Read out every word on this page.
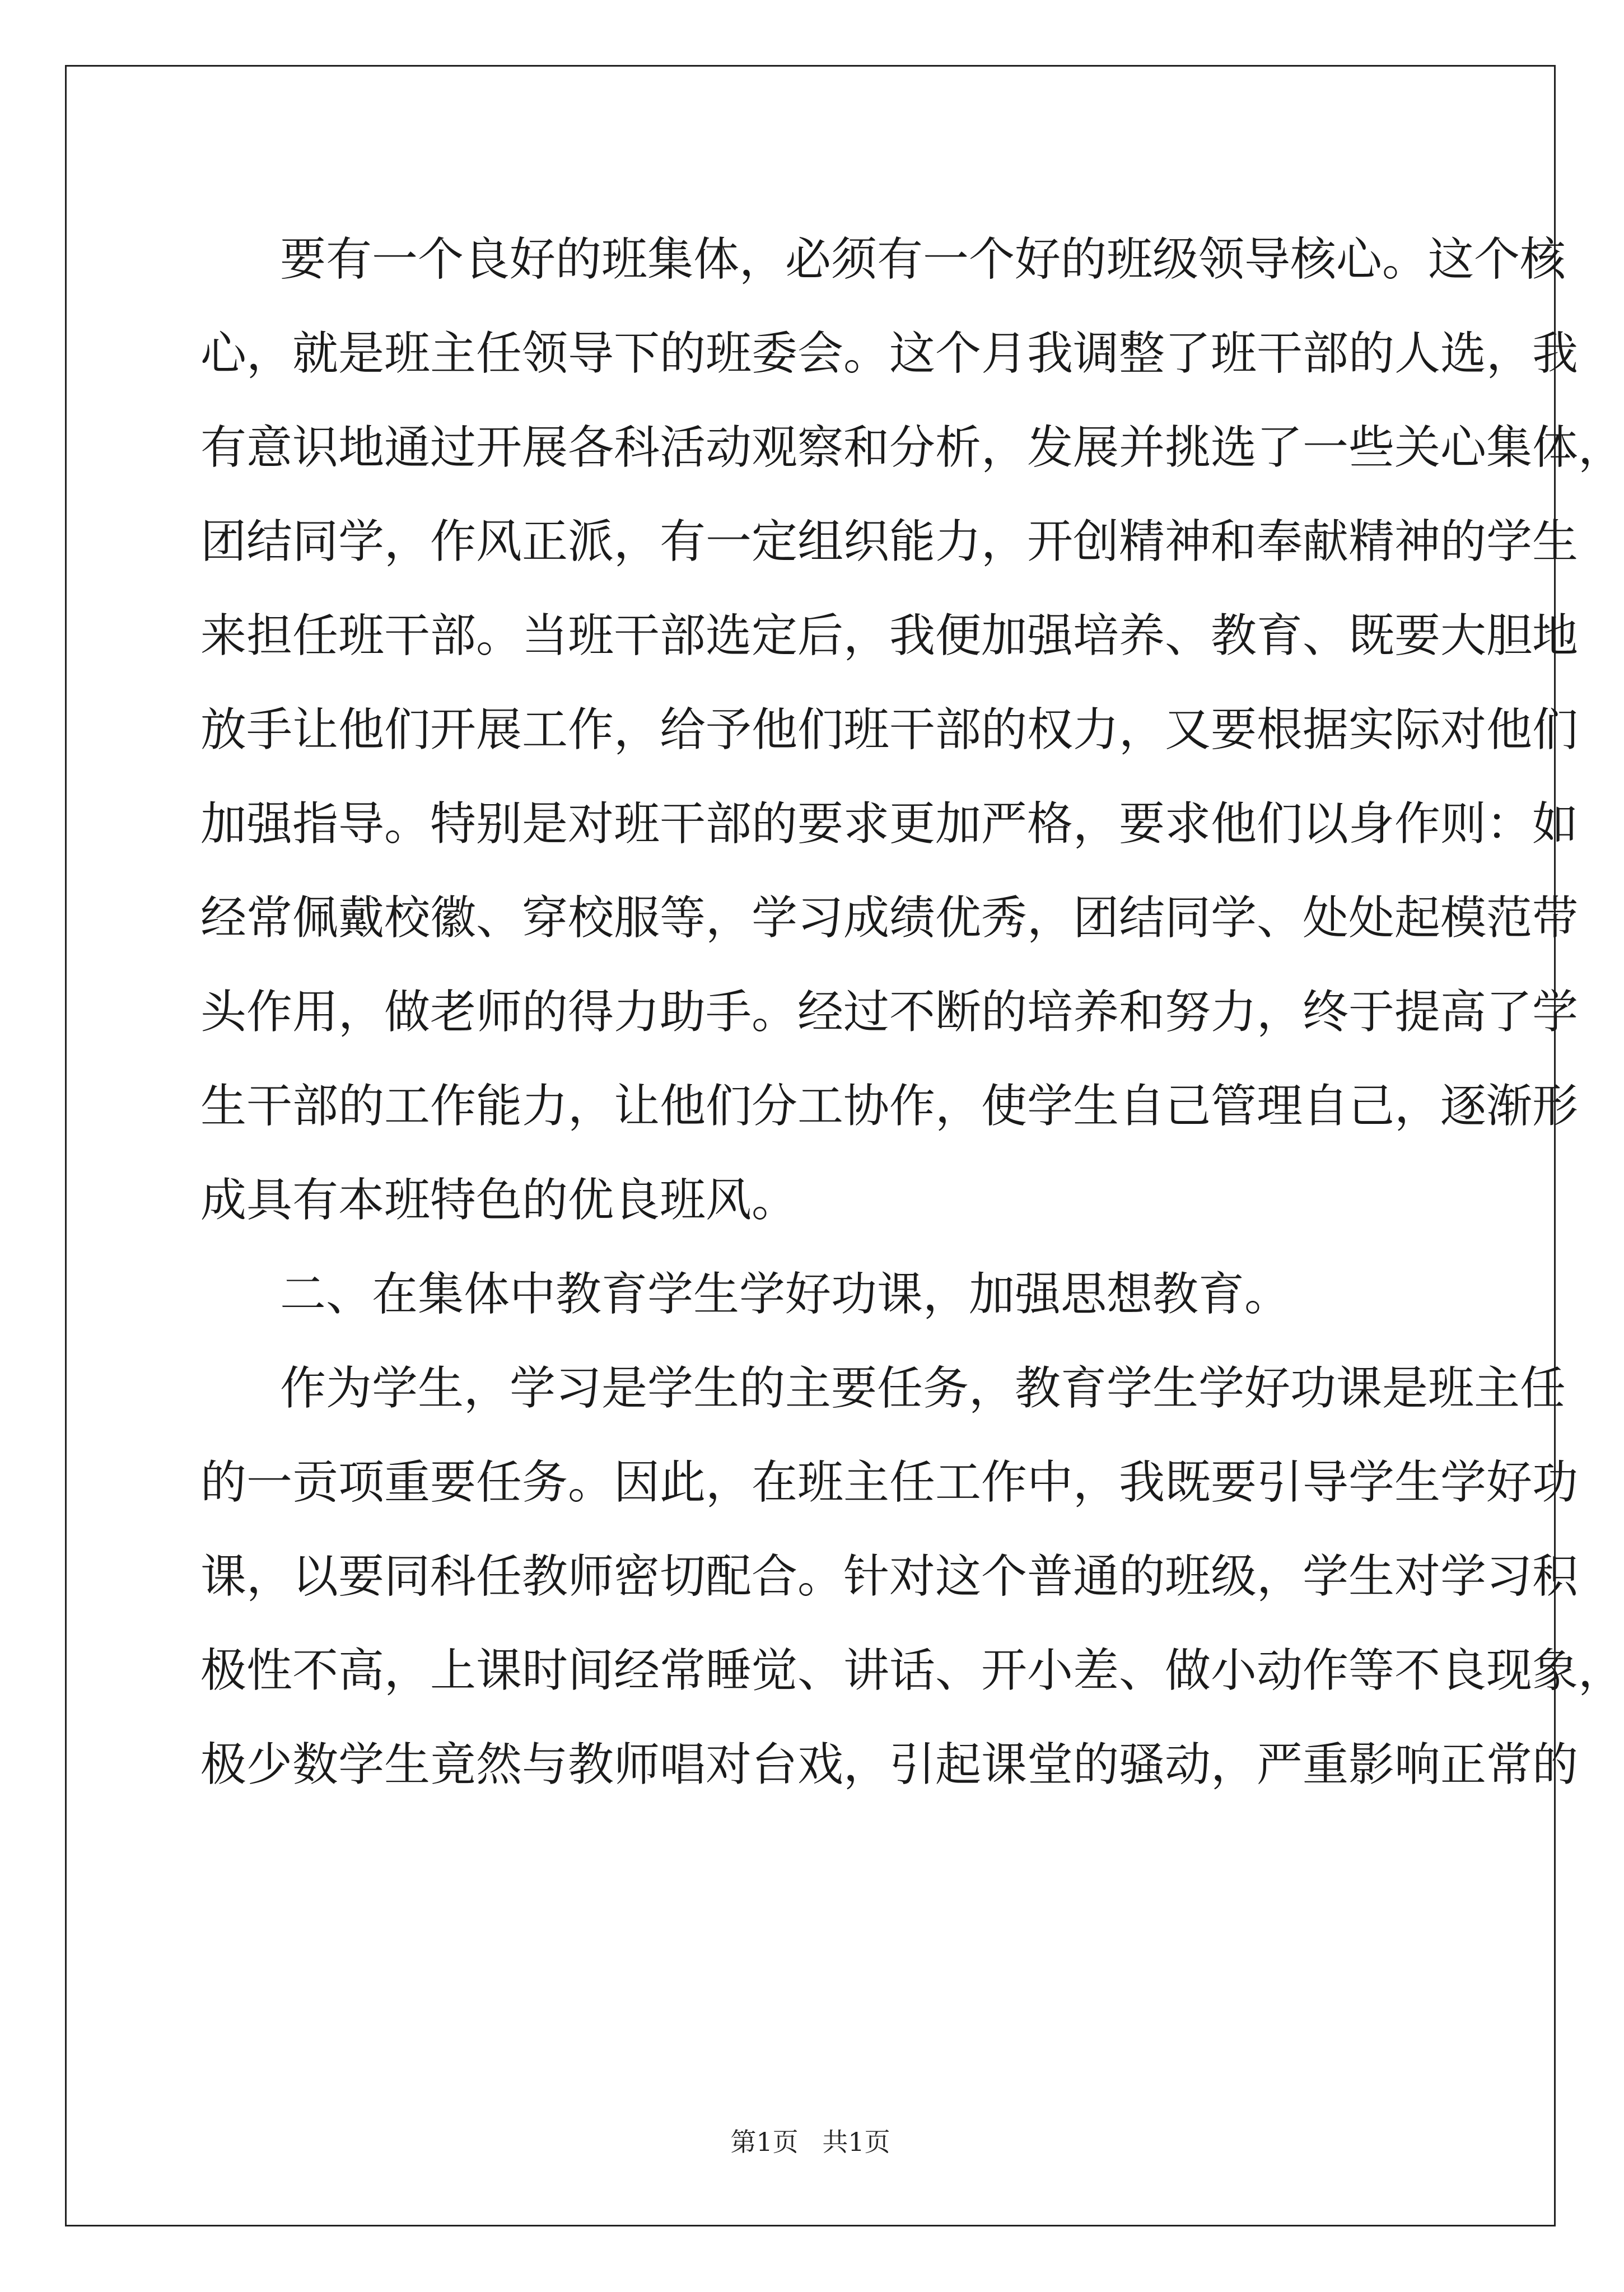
要有一个良好的班集体，必须有一个好的班级领导核心。这个核
心，就是班主任领导下的班委会。这个月我调整了班干部的人选，我
有意识地通过开展各科活动观察和分析，发展并挑选了一些关心集体，
团结同学，作风正派，有一定组织能力，开创精神和奉献精神的学生
来担任班干部。当班干部选定后，我便加强培养、教育、既要大胆地
放手让他们开展工作，给予他们班干部的权力，又要根据实际对他们
加强指导。特别是对班干部的要求更加严格，要求他们以身作则：如
经常佩戴校徽、穿校服等，学习成绩优秀，团结同学、处处起模范带
头作用，做老师的得力助手。经过不断的培养和努力，终于提高了学
生干部的工作能力，让他们分工协作，使学生自己管理自己，逐渐形
成具有本班特色的优良班风。
二、在集体中教育学生学好功课，加强思想教育。
作为学生，学习是学生的主要任务，教育学生学好功课是班主任
的一贡项重要任务。因此，在班主任工作中，我既要引导学生学好功
课，以要同科任教师密切配合。针对这个普通的班级，学生对学习积
极性不高，上课时间经常睡觉、讲话、开小差、做小动作等不良现象，
极少数学生竟然与教师唱对台戏，引起课堂的骚动，严重影响正常的
第1页 共1页
